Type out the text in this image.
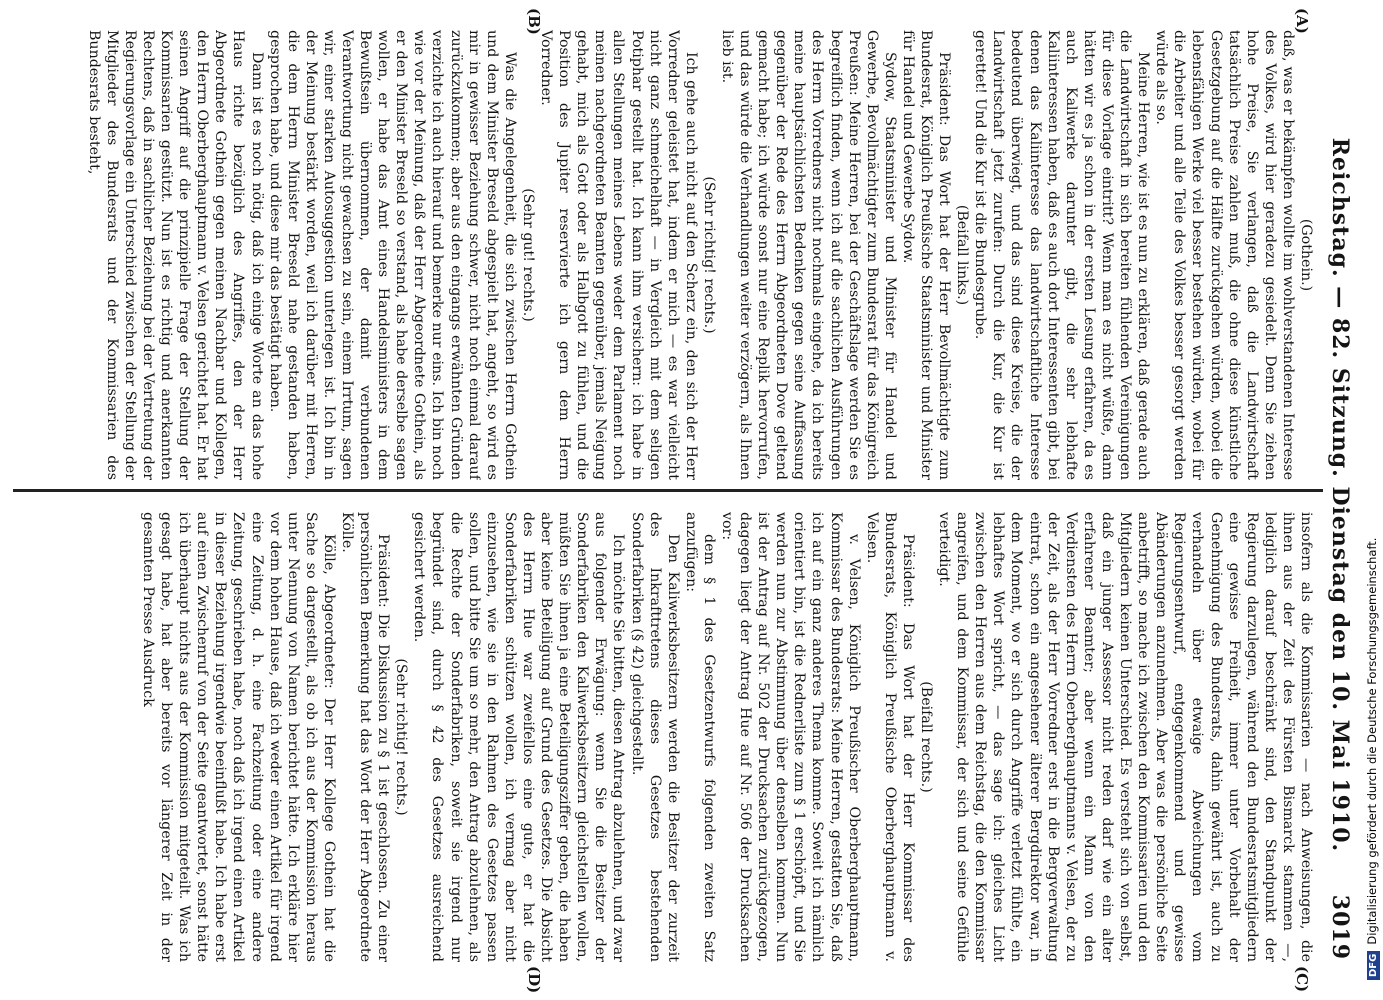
Reichstag. — 82. Sitzung. Dienstag den 10. Mai 1910.
3019
(A)
(B)
(C)
(D)

(Gothein.)

daß, was er bekämpfen wollte im wohlverstandenen Interesse des Volkes, wird hier geradezu gesiedelt. Denn Sie ziehen hohe Preise, Sie verlangen, daß die Landwirtschaft tatsächlich Preise zahlen muß, die ohne diese künstliche Gesetzgebung auf die Hälfte zurückgehen würden, wobei die lebensfähigen Werke viel besser bestehen würden, wobei für die Arbeiter und alle Teile des Volkes besser gesorgt werden würde als so.

Meine Herren, wie ist es nun zu erklären, daß gerade auch die Landwirtschaft in sich bereiten fühlenden Vereinigungen für diese Vorlage eintritt? Wenn man es nicht wüßte, dann hätten wir es ja schon in der ersten Lesung erfahren, da es auch Kaliwerke darunter gibt, die sehr lebhafte Kaliinteressen haben, daß es auch dort Interessenten gibt, bei denen das Kaliinteresse das landwirtschaftliche Interesse bedeutend überwiegt, und das sind diese Kreise, die der Landwirtschaft jetzt zurufen: Durch die Kur, die Kur ist gerettet! Und die Kur ist die Bundesgrube.

(Beifall links.)

Präsident: Das Wort hat der Herr Bevollmächtigte zum Bundesrat, Königlich Preußische Staatsminister und Minister für Handel und Gewerbe Sydow.

Sydow, Staatsminister und Minister für Handel und Gewerbe, Bevollmächtigter zum Bundesrat für das Königreich Preußen: Meine Herren, bei der Geschäftslage werden Sie es begreiflich finden, wenn ich auf die sachlichen Ausführungen des Herrn Vorredners nicht nochmals eingehe, da ich bereits meine hauptsächlichsten Bedenken gegen seine Auffassung gegenüber der Rede des Herrn Abgeordneten Dove geltend gemacht habe; ich würde sonst nur eine Replik hervorrufen, und das würde die Verhandlungen weiter verzögern, als Ihnen lieb ist.

(Sehr richtig! rechts.)

Ich gehe auch nicht auf den Scherz ein, den sich der Herr Vorredner geleistet hat, indem er mich — es war vielleicht nicht ganz schmeichelhaft — in Vergleich mit dem seligen Potiphar gestellt hat. Ich kann ihm versichern: ich habe in allen Stellungen meines Lebens weder dem Parlament noch meinen nachgeordneten Beamten gegenüber, jemals Neigung gehabt, mich als Gott oder als Halbgott zu fühlen, und die Position des Jupiter reservierte ich gern dem Herrn Vorredner.

(Sehr gut! rechts.)

Was die Angelegenheit, die sich zwischen Herrn Gothein und dem Minister Breseld abgespielt hat, angeht, so wird es mir in gewisser Beziehung schwer, nicht noch einmal darauf zurückzukommen; aber aus den eingangs erwähnten Gründen verzichte ich auch hierauf und bemerke nur eins. Ich bin noch wie vor der Meinung, daß der Herr Abgeordnete Gothein, als er den Minister Breseld so verstand, als habe derselbe sagen wollen, er habe das Amt eines Handelsministers in dem Bewußtsein übernommen, der damit verbundenen Verantwortung nicht gewachsen zu sein, einem Irrtum, sagen wir, einer starken Autosuggestion unterlegen ist. Ich bin in der Meinung bestärkt worden, weil ich darüber mit Herren, die dem Herrn Minister Breseld nahe gestanden haben, gesprochen habe, und diese mir das bestätigt haben.

Dann ist es noch nötig, daß ich einige Worte an das hohe Haus richte bezüglich des Angriffes, den der Herr Abgeordnete Gothein gegen meinen Nachbar und Kollegen, den Herrn Oberberghauptmann v. Velsen gerichtet hat. Er hat seinen Angriff auf die prinzipielle Frage der Stellung der Kommissarien gestützt. Nun ist es richtig und anerkannten Rechtens, daß in sachlicher Beziehung bei der Vertretung der Regierungsvorlage ein Unterschied zwischen der Stellung der Mitglieder des Bundesrats und der Kommissarien des Bundesrats besteht,

insofern als die Kommissarien — nach Anweisungen, die ihnen aus der Zeit des Fürsten Bismarck stammen —, lediglich darauf beschränkt sind, den Standpunkt der Regierung darzulegen, während den Bundesratsmitgliedern eine gewisse Freiheit, immer unter Vorbehalt der Genehmigung des Bundesrats, dahin gewährt ist, auch zu verhandeln über etwaige Abweichungen vom Regierungsentwurf, entgegenkommend und gewisse Abänderungen anzunehmen. Aber was die persönliche Seite anbetrifft, so mache ich zwischen den Kommissarien und den Mitgliedern keinen Unterschied. Es versteht sich von selbst, daß ein junger Assessor nicht reden darf wie ein alter erfahrener Beamter; aber wenn ein Mann von den Verdiensten des Herrn Oberberghauptmanns v. Velsen, der zu der Zeit, als der Herr Vorredner erst in die Bergverwaltung eintrat, schon ein angesehener älterer Bergdirektor war, in dem Moment, wo er sich durch Angriffe verletzt fühlte, ein lebhaftes Wort spricht, — das sage ich: gleiches Licht zwischen den Herren aus dem Reichstag, die den Kommissar angreifen, und dem Kommissar, der sich und seine Gefühle verteidigt.

(Beifall rechts.)

Präsident: Das Wort hat der Herr Kommissar des Bundesrats, Königlich Preußische Oberberghauptmann v. Velsen.

v. Velsen, Königlich Preußischer Oberberghauptmann, Kommissar des Bundesrats: Meine Herren, gestatten Sie, daß ich auf ein ganz anderes Thema komme. Soweit ich nämlich orientiert bin, ist die Rednerliste zum § 1 erschöpft, und Sie werden nun zur Abstimmung über denselben kommen. Nun ist der Antrag auf Nr. 502 der Drucksachen zurückgezogen, dagegen liegt der Antrag Hue auf Nr. 506 der Drucksachen vor:

dem § 1 des Gesetzentwurfs folgenden zweiten Satz anzufügen:

Den Kaliwerksbesitzern werden die Besitzer der zurzeit des Inkrafttretens dieses Gesetzes bestehenden Sonderfabriken (§ 42) gleichgestellt.

Ich möchte Sie bitten, diesen Antrag abzulehnen, und zwar aus folgender Erwägung: wenn Sie die Besitzer der Sonderfabriken den Kaliwerksbesitzern gleichstellen wollen, müßten Sie ihnen ja eine Beteiligungsziffer geben, die haben aber keine Beteiligung auf Grund des Gesetzes. Die Absicht des Herrn Hue war zweifellos eine gute, er hat die Sonderfabriken schützen wollen, ich vermag aber nicht einzusehen, wie sie in den Rahmen des Gesetzes passen sollen, und bitte Sie um so mehr, den Antrag abzulehnen, als die Rechte der Sonderfabriken, soweit sie irgend nur begründet sind, durch § 42 des Gesetzes ausreichend gesichert werden.

(Sehr richtig! rechts.)

Präsident: Die Diskussion zu § 1 ist geschlossen. Zu einer persönlichen Bemerkung hat das Wort der Herr Abgeordnete Kölle.

Kölle, Abgeordneter: Der Herr Kollege Gothein hat die Sache so dargestellt, als ob ich aus der Kommission heraus unter Nennung von Namen berichtet hätte. Ich erkläre hier vor dem hohen Hause, daß ich weder einen Artikel für irgend eine Zeitung, d. h. eine Fachzeitung oder eine andere Zeitung, geschrieben habe, noch daß ich irgend einen Artikel in dieser Beziehung irgendwie beeinflußt habe. Ich habe erst auf einen Zwischenruf von der Seite geantwortet, sonst hätte ich überhaupt nichts aus der Kommission mitgeteilt. Was ich gesagt habe, hat aber bereits vor längerer Zeit in der gesamten Presse Ausdruck

DFGDigitalisierung gefördert durch die Deutsche Forschungsgemeinschaft.
